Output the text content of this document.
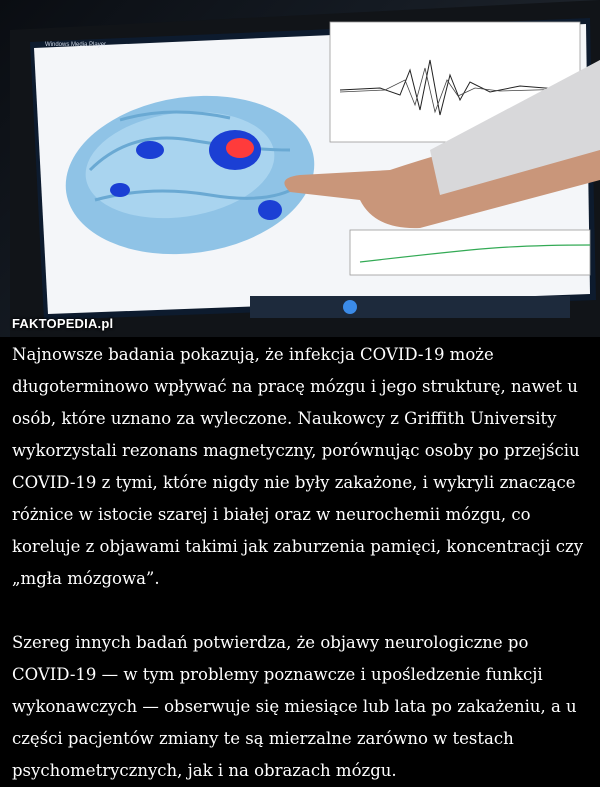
Windows Media Player
FAKTOPEDIA.pl

Najnowsze badania pokazują, że infekcja COVID-19 może długoterminowo wpływać na pracę mózgu i jego strukturę, nawet u osób, które uznano za wyleczone. Naukowcy z Griffith University wykorzystali rezonans magnetyczny, porównując osoby po przejściu COVID-19 z tymi, które nigdy nie były zakażone, i wykryli znaczące różnice w istocie szarej i białej oraz w neurochemii mózgu, co koreluje z objawami takimi jak zaburzenia pamięci, koncentracji czy „mgła mózgowa”.

Szereg innych badań potwierdza, że objawy neurologiczne po COVID-19 — w tym problemy poznawcze i upośledzenie funkcji wykonawczych — obserwuje się miesiące lub lata po zakażeniu, a u części pacjentów zmiany te są mierzalne zarówno w testach psychometrycznych, jak i na obrazach mózgu.
